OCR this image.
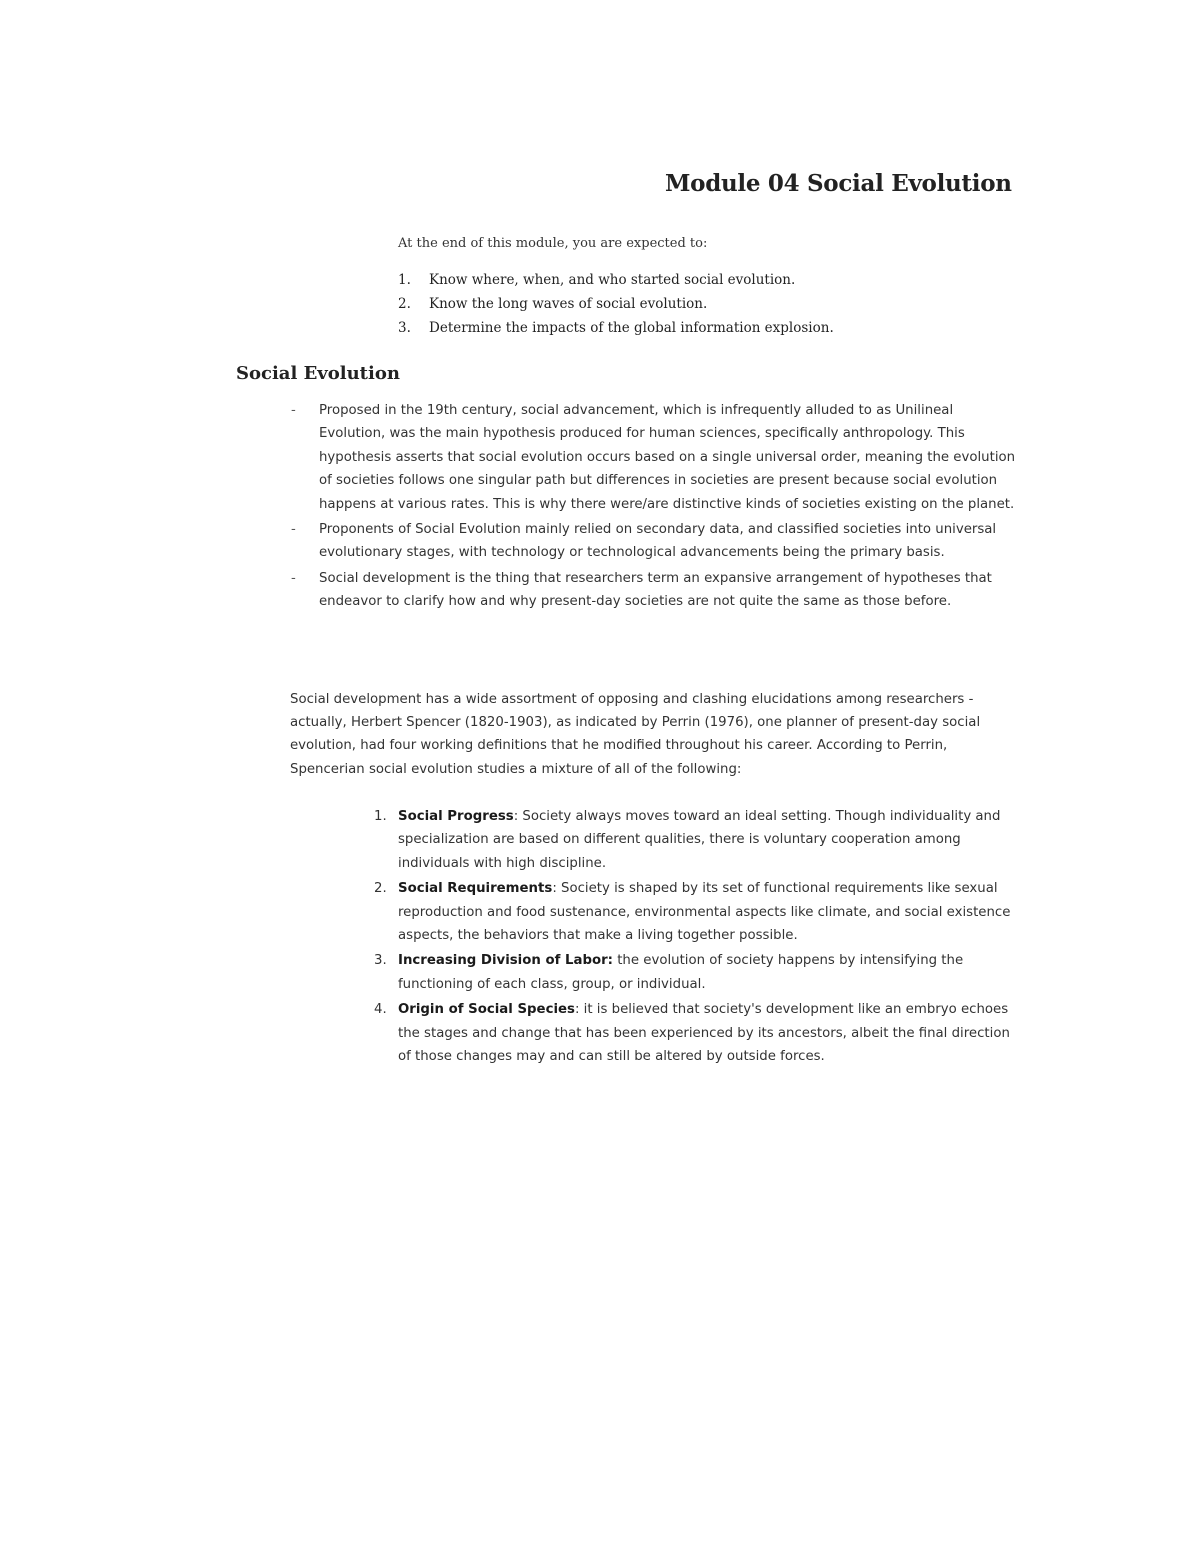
Module 04 Social Evolution
At the end of this module, you are expected to:
1. Know where, when, and who started social evolution.
2. Know the long waves of social evolution.
3. Determine the impacts of the global information explosion.
Social Evolution
- Proposed in the 19th century, social advancement, which is infrequently alluded to as Unilineal Evolution, was the main hypothesis produced for human sciences, specifically anthropology. This hypothesis asserts that social evolution occurs based on a single universal order, meaning the evolution of societies follows one singular path but differences in societies are present because social evolution happens at various rates. This is why there were/are distinctive kinds of societies existing on the planet.
- Proponents of Social Evolution mainly relied on secondary data, and classified societies into universal evolutionary stages, with technology or technological advancements being the primary basis.
- Social development is the thing that researchers term an expansive arrangement of hypotheses that endeavor to clarify how and why present-day societies are not quite the same as those before.

Social development has a wide assortment of opposing and clashing elucidations among researchers - actually, Herbert Spencer (1820-1903), as indicated by Perrin (1976), one planner of present-day social evolution, had four working definitions that he modified throughout his career. According to Perrin, Spencerian social evolution studies a mixture of all of the following:

1. Social Progress: Society always moves toward an ideal setting. Though individuality and specialization are based on different qualities, there is voluntary cooperation among individuals with high discipline.
2. Social Requirements: Society is shaped by its set of functional requirements like sexual reproduction and food sustenance, environmental aspects like climate, and social existence aspects, the behaviors that make a living together possible.
3. Increasing Division of Labor: the evolution of society happens by intensifying the functioning of each class, group, or individual.
4. Origin of Social Species: it is believed that society's development like an embryo echoes the stages and change that has been experienced by its ancestors, albeit the final direction of those changes may and can still be altered by outside forces.
